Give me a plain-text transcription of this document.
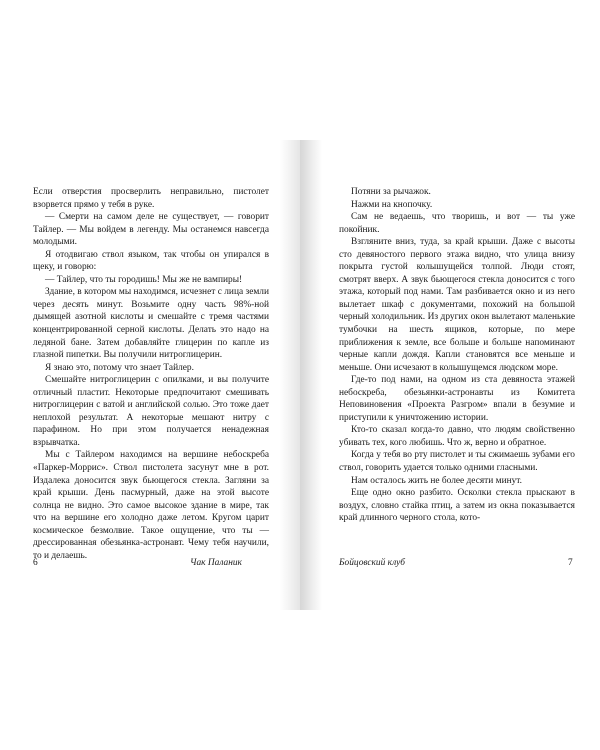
Если отверстия просверлить неправильно, пистолет взорвется прямо у тебя в руке.

— Смерти на самом деле не существует, — говорит Тайлер. — Мы войдем в легенду. Мы останемся навсегда молодыми.

Я отодвигаю ствол языком, так чтобы он упирался в щеку, и говорю:

— Тайлер, что ты городишь! Мы же не вампиры!

Здание, в котором мы находимся, исчезнет с лица земли через десять минут. Возьмите одну часть 98%-ной дымящей азотной кислоты и смешайте с тремя частями концентрированной серной кислоты. Делать это надо на ледяной бане. Затем добавляйте глицерин по капле из глазной пипетки. Вы получили нитроглицерин.

Я знаю это, потому что знает Тайлер.

Смешайте нитроглицерин с опилками, и вы получите отличный пластит. Некоторые предпочитают смешивать нитроглицерин с ватой и английской солью. Это тоже дает неплохой результат. А некоторые мешают нитру с парафином. Но при этом получается ненадежная взрывчатка.

Мы с Тайлером находимся на вершине небоскреба «Паркер-Моррис». Ствол пистолета засунут мне в рот. Издалека доносится звук бьющегося стекла. Загляни за край крыши. День пасмурный, даже на этой высоте солнца не видно. Это самое высокое здание в мире, так что на вершине его холодно даже летом. Кругом царит космическое безмолвие. Такое ощущение, что ты — дрессированная обезьянка-астронавт. Чему тебя научили, то и делаешь.

6	Чак Паланик

Потяни за рычажок.

Нажми на кнопочку.

Сам не ведаешь, что творишь, и вот — ты уже покойник.

Взгляните вниз, туда, за край крыши. Даже с высоты сто девяностого первого этажа видно, что улица внизу покрыта густой колышущейся толпой. Люди стоят, смотрят вверх. А звук бьющегося стекла доносится с того этажа, который под нами. Там разбивается окно и из него вылетает шкаф с документами, похожий на большой черный холодильник. Из других окон вылетают маленькие тумбочки на шесть ящиков, которые, по мере приближения к земле, все больше и больше напоминают черные капли дождя. Капли становятся все меньше и меньше. Они исчезают в колышущемся людском море.

Где-то под нами, на одном из ста девяноста этажей небоскреба, обезьянки-астронавты из Комитета Неповиновения «Проекта Разгром» впали в безумие и приступили к уничтожению истории.

Кто-то сказал когда-то давно, что людям свойственно убивать тех, кого любишь. Что ж, верно и обратное.

Когда у тебя во рту пистолет и ты сжимаешь зубами его ствол, говорить удается только одними гласными.

Нам осталось жить не более десяти минут.

Еще одно окно разбито. Осколки стекла прыскают в воздух, словно стайка птиц, а затем из окна показывается край длинного черного стола, кото-

Бойцовский клуб	7
